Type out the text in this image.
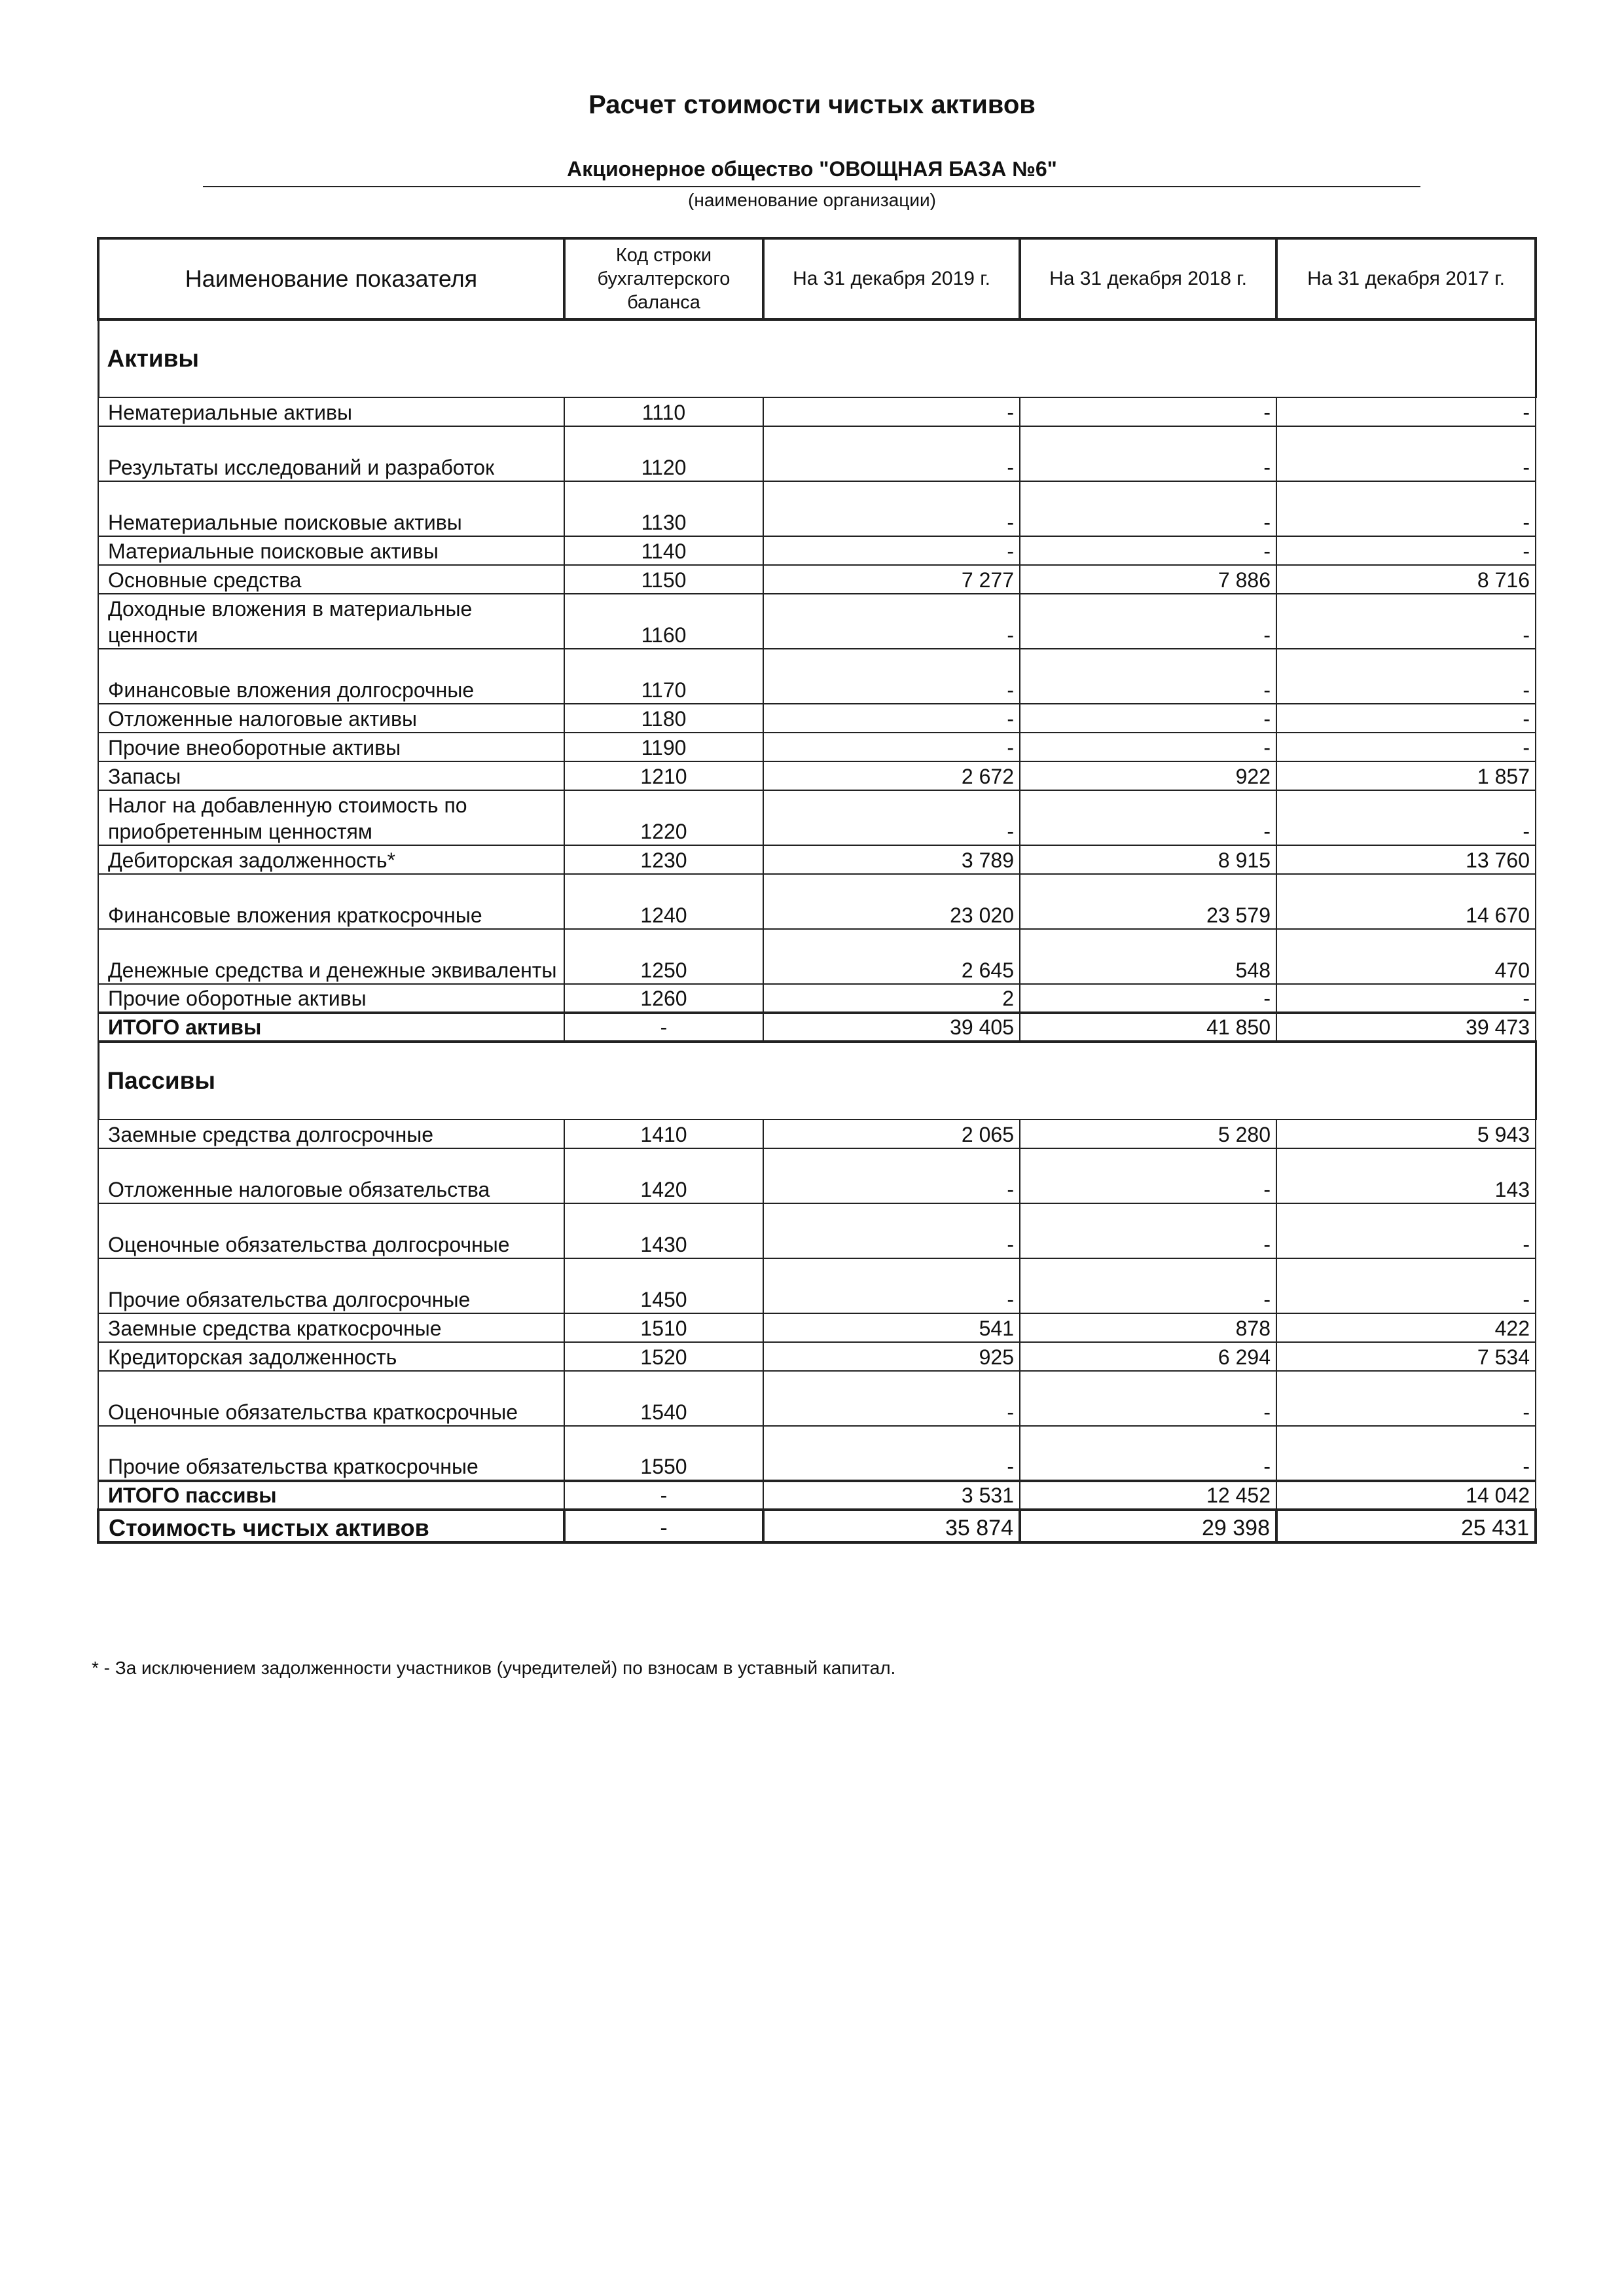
Расчет стоимости чистых активов
Акционерное общество "ОВОЩНАЯ БАЗА №6"
(наименование организации)
Наименование показателя	Код строки бухгалтерского баланса	На 31 декабря 2019 г.	На 31 декабря 2018 г.	На 31 декабря 2017 г.
Активы				
Нематериальные активы	1110	-	-	-
Результаты исследований и разработок	1120	-	-	-
Нематериальные поисковые активы	1130	-	-	-
Материальные поисковые активы	1140	-	-	-
Основные средства	1150	7 277	7 886	8 716
Доходные вложения в материальные ценности	1160	-	-	-
Финансовые вложения долгосрочные	1170	-	-	-
Отложенные налоговые активы	1180	-	-	-
Прочие внеоборотные активы	1190	-	-	-
Запасы	1210	2 672	922	1 857
Налог на добавленную стоимость по приобретенным ценностям	1220	-	-	-
Дебиторская задолженность*	1230	3 789	8 915	13 760
Финансовые вложения краткосрочные	1240	23 020	23 579	14 670
Денежные средства и денежные эквиваленты	1250	2 645	548	470
Прочие оборотные активы	1260	2	-	-
ИТОГО активы	-	39 405	41 850	39 473
Пассивы				
Заемные средства долгосрочные	1410	2 065	5 280	5 943
Отложенные налоговые обязательства	1420	-	-	143
Оценочные обязательства долгосрочные	1430	-	-	-
Прочие обязательства долгосрочные	1450	-	-	-
Заемные средства краткосрочные	1510	541	878	422
Кредиторская задолженность	1520	925	6 294	7 534
Оценочные обязательства краткосрочные	1540	-	-	-
Прочие обязательства краткосрочные	1550	-	-	-
ИТОГО пассивы	-	3 531	12 452	14 042
Стоимость чистых активов	-	35 874	29 398	25 431
* - За исключением задолженности участников (учредителей) по взносам в уставный капитал.
